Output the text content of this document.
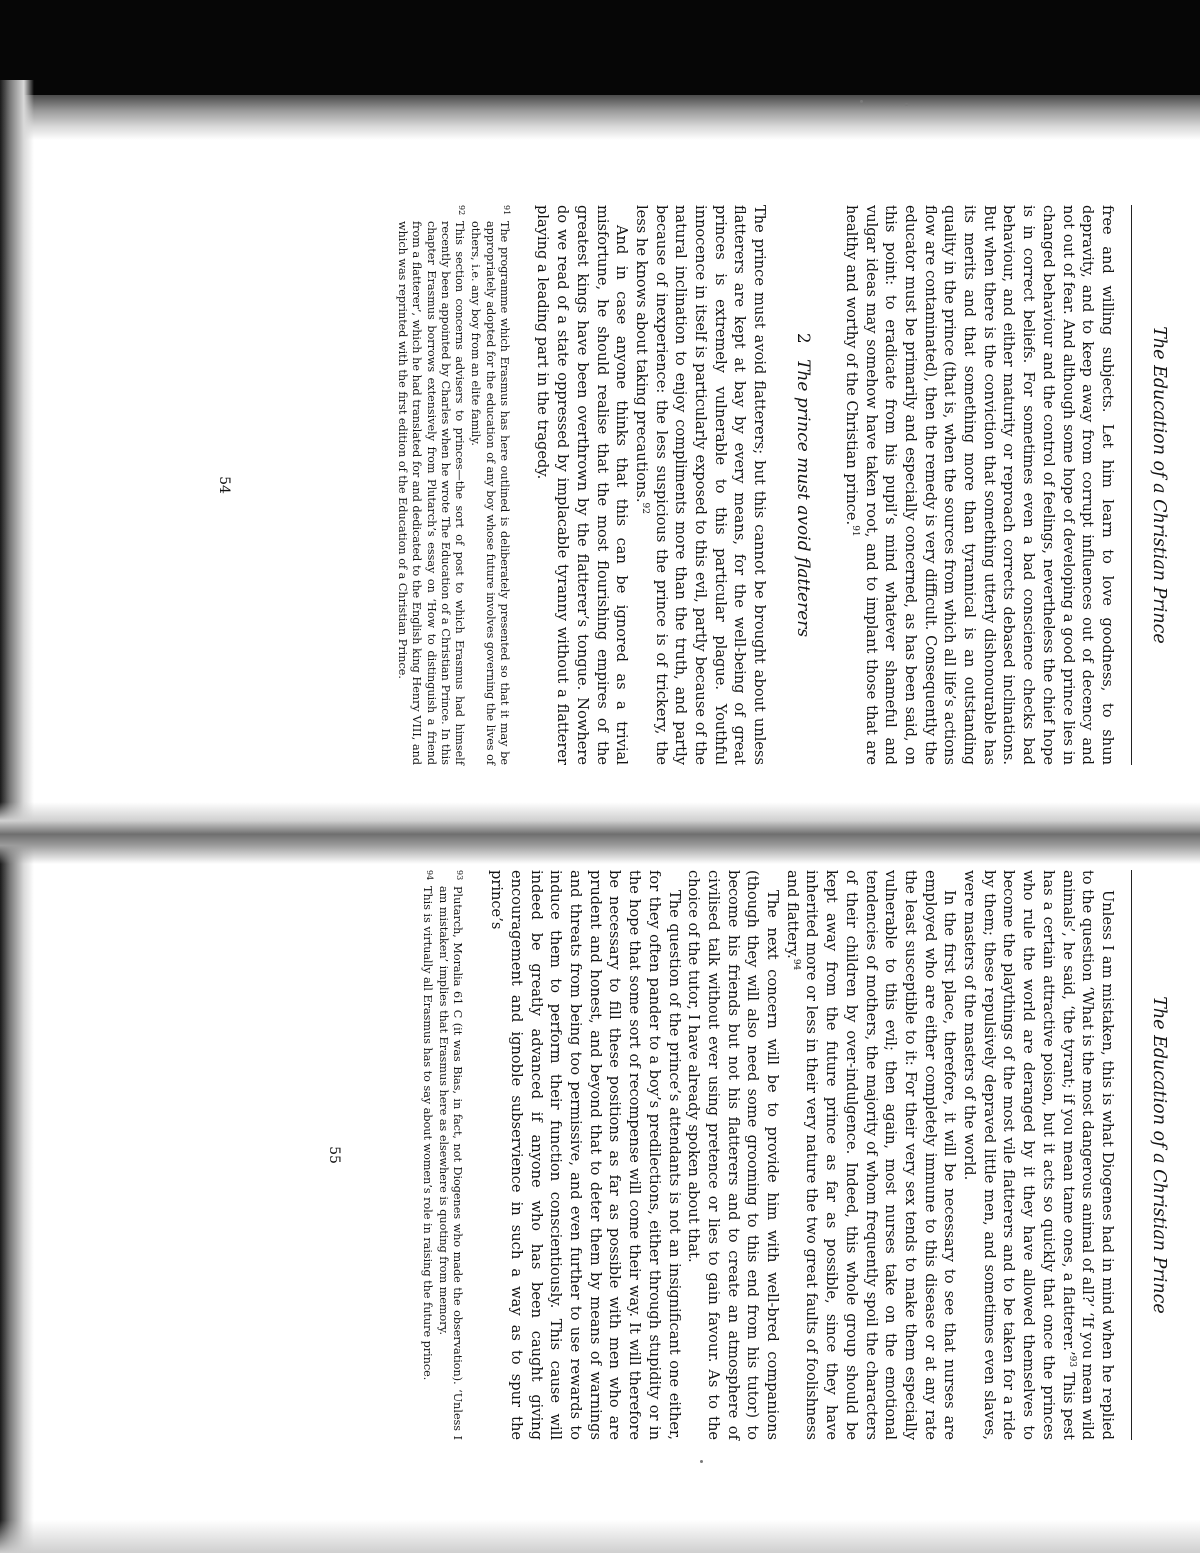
The Education of a Christian Prince

free and willing subjects. Let him learn to love goodness, to shun depravity, and to keep away from corrupt influences out of decency and not out of fear. And although some hope of developing a good prince lies in changed behaviour and the control of feelings, nevertheless the chief hope is in correct beliefs. For sometimes even a bad conscience checks bad behaviour, and either maturity or reproach corrects debased inclinations. But when there is the conviction that something utterly dishonourable has its merits and that something more than tyrannical is an outstanding quality in the prince (that is, when the sources from which all life’s actions flow are contaminated), then the remedy is very difficult. Consequently the educator must be primarily and especially concerned, as has been said, on this point: to eradicate from his pupil’s mind whatever shameful and vulgar ideas may somehow have taken root, and to implant those that are healthy and worthy of the Christian prince.$^{91}$

2 The prince must avoid flatterers

The prince must avoid flatterers; but this cannot be brought about unless flatterers are kept at bay by every means, for the well-being of great princes is extremely vulnerable to this particular plague. Youthful innocence in itself is particularly exposed to this evil, partly because of the natural inclination to enjoy compliments more than the truth, and partly because of inexperience: the less suspicious the prince is of trickery, the less he knows about taking precautions.$^{92}$

And in case anyone thinks that this can be ignored as a trivial misfortune, he should realise that the most flourishing empires of the greatest kings have been overthrown by the flatterer’s tongue. Nowhere do we read of a state oppressed by implacable tyranny without a flatterer playing a leading part in the tragedy.

91
The programme which Erasmus has here outlined is deliberately presented so that it may be appropriately adopted for the education of any boy whose future involves governing the lives of others, i.e. any boy from an elite family.
92
This section concerns advisers to princes—the sort of post to which Erasmus had himself recently been appointed by Charles when he wrote The Education of a Christian Prince. In this chapter Erasmus borrows extensively from Plutarch’s essay on ‘How to distinguish a friend from a flatterer’, which he had translated for and dedicated to the English king Henry VIII, and which was reprinted with the first edition of the Education of a Christian Prince.
54
The Education of a Christian Prince

Unless I am mistaken, this is what Diogenes had in mind when he replied to the question ‘What is the most dangerous animal of all?’ ‘If you mean wild animals’, he said, ‘the tyrant; if you mean tame ones, a flatterer.’$^{93}$ This pest has a certain attractive poison, but it acts so quickly that once the princes who rule the world are deranged by it they have allowed themselves to become the playthings of the most vile flatterers and to be taken for a ride by them; these repulsively depraved little men, and sometimes even slaves, were masters of the masters of the world.

In the first place, therefore, it will be necessary to see that nurses are employed who are either completely immune to this disease or at any rate the least susceptible to it: For their very sex tends to make them especially vulnerable to this evil; then again, most nurses take on the emotional tendencies of mothers, the majority of whom frequently spoil the characters of their children by over-indulgence. Indeed, this whole group should be kept away from the future prince as far as possible, since they have inherited more or less in their very nature the two great faults of foolishness and flattery.$^{94}$

The next concern will be to provide him with well-bred companions (though they will also need some grooming to this end from his tutor) to become his friends but not his flatterers and to create an atmosphere of civilised talk without ever using pretence or lies to gain favour. As to the choice of the tutor, I have already spoken about that.

The question of the prince’s attendants is not an insignificant one either, for they often pander to a boy’s predilections, either through stupidity or in the hope that some sort of recompense will come their way. It will therefore be necessary to fill these positions as far as possible with men who are prudent and honest, and beyond that to deter them by means of warnings and threats from being too permissive, and even further to use rewards to induce them to perform their function conscientiously. This cause will indeed be greatly advanced if anyone who has been caught giving encouragement and ignoble subservience in such a way as to spur the prince’s

93
Plutarch, Moralia 61 C (it was Bias, in fact, not Diogenes who made the observation). ‘Unless I am mistaken’ implies that Erasmus here as elsewhere is quoting from memory.
94
This is virtually all Erasmus has to say about women’s role in raising the future prince.
55
